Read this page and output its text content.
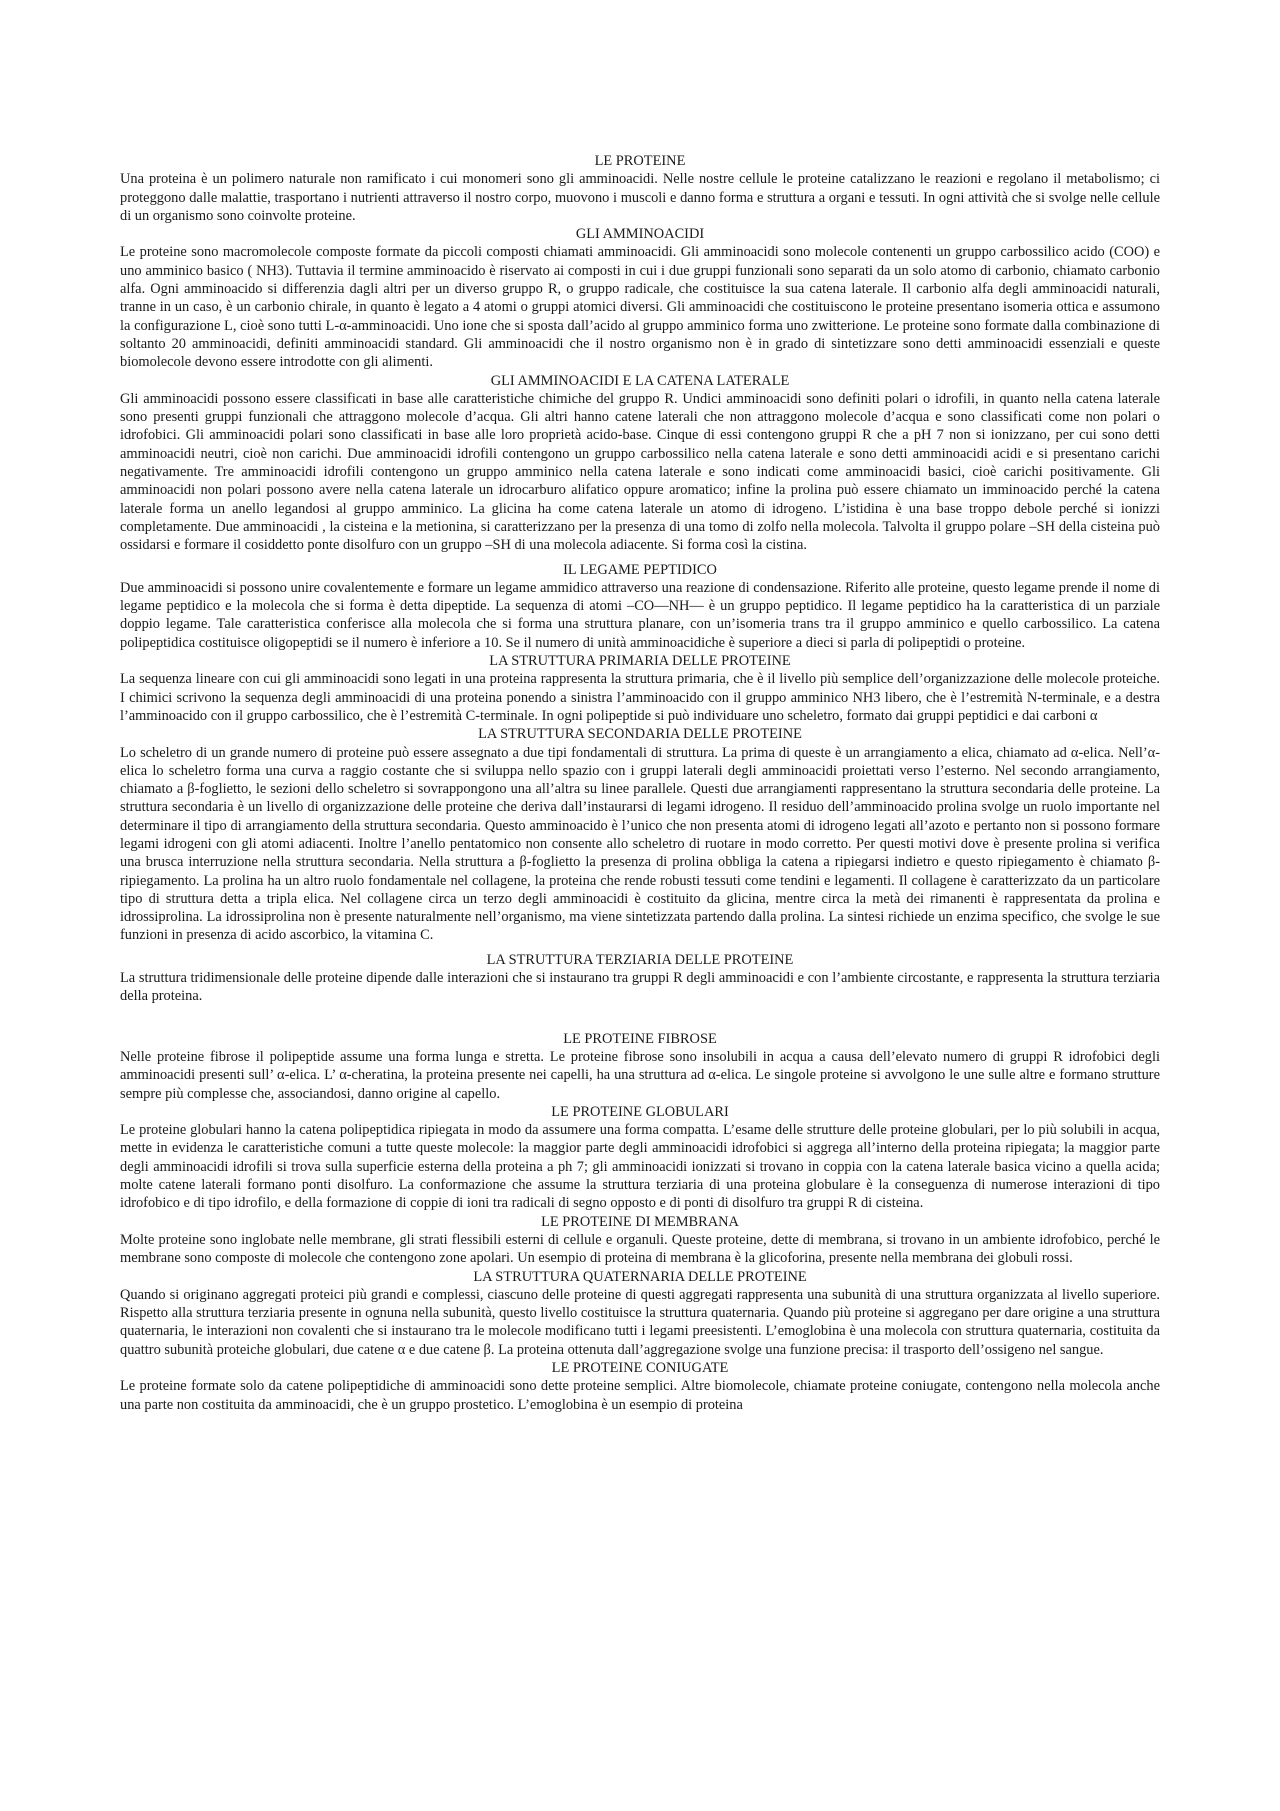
LE PROTEINE

Una proteina è un polimero naturale non ramificato i cui monomeri sono gli amminoacidi. Nelle nostre cellule le proteine catalizzano le reazioni e regolano il metabolismo; ci proteggono dalle malattie, trasportano i nutrienti attraverso il nostro corpo, muovono i muscoli e danno forma e struttura a organi e tessuti. In ogni attività che si svolge nelle cellule di un organismo sono coinvolte proteine.

GLI AMMINOACIDI

Le proteine sono macromolecole composte formate da piccoli composti chiamati amminoacidi. Gli amminoacidi sono molecole contenenti un gruppo carbossilico acido (COO) e uno amminico basico ( NH3). Tuttavia il termine amminoacido è riservato ai composti in cui i due gruppi funzionali sono separati da un solo atomo di carbonio, chiamato carbonio alfa. Ogni amminoacido si differenzia dagli altri per un diverso gruppo R, o gruppo radicale, che costituisce la sua catena laterale. Il carbonio alfa degli amminoacidi naturali, tranne in un caso, è un carbonio chirale, in quanto è legato a 4 atomi o gruppi atomici diversi. Gli amminoacidi che costituiscono le proteine presentano isomeria ottica e assumono la configurazione L, cioè sono tutti L-α-amminoacidi. Uno ione che si sposta dall’acido al gruppo amminico forma uno zwitterione. Le proteine sono formate dalla combinazione di soltanto 20 amminoacidi, definiti amminoacidi standard. Gli amminoacidi che il nostro organismo non è in grado di sintetizzare sono detti amminoacidi essenziali e queste biomolecole devono essere introdotte con gli alimenti.

GLI AMMINOACIDI E LA CATENA LATERALE

Gli amminoacidi possono essere classificati in base alle caratteristiche chimiche del gruppo R. Undici amminoacidi sono definiti polari o idrofili, in quanto nella catena laterale sono presenti gruppi funzionali che attraggono molecole d’acqua. Gli altri hanno catene laterali che non attraggono molecole d’acqua e sono classificati come non polari o idrofobici. Gli amminoacidi polari sono classificati in base alle loro proprietà acido-base. Cinque di essi contengono gruppi R che a pH 7 non si ionizzano, per cui sono detti amminoacidi neutri, cioè non carichi. Due amminoacidi idrofili contengono un gruppo carbossilico nella catena laterale e sono detti amminoacidi acidi e si presentano carichi negativamente. Tre amminoacidi idrofili contengono un gruppo amminico nella catena laterale e sono indicati come amminoacidi basici, cioè carichi positivamente. Gli amminoacidi non polari possono avere nella catena laterale un idrocarburo alifatico oppure aromatico; infine la prolina può essere chiamato un imminoacido perché la catena laterale forma un anello legandosi al gruppo amminico. La glicina ha come catena laterale un atomo di idrogeno. L’istidina è una base troppo debole perché si ionizzi completamente. Due amminoacidi , la cisteina e la metionina, si caratterizzano per la presenza di una tomo di zolfo nella molecola. Talvolta il gruppo polare –SH della cisteina può ossidarsi e formare il cosiddetto ponte disolfuro con un gruppo –SH di una molecola adiacente. Si forma così la cistina.

IL LEGAME PEPTIDICO

Due amminoacidi si possono unire covalentemente e formare un legame ammidico attraverso una reazione di condensazione. Riferito alle proteine, questo legame prende il nome di legame peptidico e la molecola che si forma è detta dipeptide. La sequenza di atomi –CO—NH— è un gruppo peptidico. Il legame peptidico ha la caratteristica di un parziale doppio legame. Tale caratteristica conferisce alla molecola che si forma una struttura planare, con un’isomeria trans tra il gruppo amminico e quello carbossilico. La catena polipeptidica costituisce oligopeptidi se il numero è inferiore a 10. Se il numero di unità amminoacidiche è superiore a dieci si parla di polipeptidi o proteine.

LA STRUTTURA PRIMARIA DELLE PROTEINE

La sequenza lineare con cui gli amminoacidi sono legati in una proteina rappresenta la struttura primaria, che è il livello più semplice dell’organizzazione delle molecole proteiche. I chimici scrivono la sequenza degli amminoacidi di una proteina ponendo a sinistra l’amminoacido con il gruppo amminico NH3 libero, che è l’estremità N-terminale, e a destra l’amminoacido con il gruppo carbossilico, che è l’estremità C-terminale. In ogni polipeptide si può individuare uno scheletro, formato dai gruppi peptidici e dai carboni α

LA STRUTTURA SECONDARIA DELLE PROTEINE

Lo scheletro di un grande numero di proteine può essere assegnato a due tipi fondamentali di struttura. La prima di queste è un arrangiamento a elica, chiamato ad α-elica. Nell’α-elica lo scheletro forma una curva a raggio costante che si sviluppa nello spazio con i gruppi laterali degli amminoacidi proiettati verso l’esterno. Nel secondo arrangiamento, chiamato a β-foglietto, le sezioni dello scheletro si sovrappongono una all’altra su linee parallele. Questi due arrangiamenti rappresentano la struttura secondaria delle proteine. La struttura secondaria è un livello di organizzazione delle proteine che deriva dall’instaurarsi di legami idrogeno. Il residuo dell’amminoacido prolina svolge un ruolo importante nel determinare il tipo di arrangiamento della struttura secondaria. Questo amminoacido è l’unico che non presenta atomi di idrogeno legati all’azoto e pertanto non si possono formare legami idrogeni con gli atomi adiacenti. Inoltre l’anello pentatomico non consente allo scheletro di ruotare in modo corretto. Per questi motivi dove è presente prolina si verifica una brusca interruzione nella struttura secondaria. Nella struttura a β-foglietto la presenza di prolina obbliga la catena a ripiegarsi indietro e questo ripiegamento è chiamato β-ripiegamento. La prolina ha un altro ruolo fondamentale nel collagene, la proteina che rende robusti tessuti come tendini e legamenti. Il collagene è caratterizzato da un particolare tipo di struttura detta a tripla elica. Nel collagene circa un terzo degli amminoacidi è costituito da glicina, mentre circa la metà dei rimanenti è rappresentata da prolina e idrossiprolina. La idrossiprolina non è presente naturalmente nell’organismo, ma viene sintetizzata partendo dalla prolina. La sintesi richiede un enzima specifico, che svolge le sue funzioni in presenza di acido ascorbico, la vitamina C.

LA STRUTTURA TERZIARIA DELLE PROTEINE

La struttura tridimensionale delle proteine dipende dalle interazioni che si instaurano tra gruppi R degli amminoacidi e con l’ambiente circostante, e rappresenta la struttura terziaria della proteina.

LE PROTEINE FIBROSE

Nelle proteine fibrose il polipeptide assume una forma lunga e stretta. Le proteine fibrose sono insolubili in acqua a causa dell’elevato numero di gruppi R idrofobici degli amminoacidi presenti sull’ α-elica. L’ α-cheratina, la proteina presente nei capelli, ha una struttura ad α-elica. Le singole proteine si avvolgono le une sulle altre e formano strutture sempre più complesse che, associandosi, danno origine al capello.

LE PROTEINE GLOBULARI

Le proteine globulari hanno la catena polipeptidica ripiegata in modo da assumere una forma compatta. L’esame delle strutture delle proteine globulari, per lo più solubili in acqua, mette in evidenza le caratteristiche comuni a tutte queste molecole: la maggior parte degli amminoacidi idrofobici si aggrega all’interno della proteina ripiegata; la maggior parte degli amminoacidi idrofili si trova sulla superficie esterna della proteina a ph 7; gli amminoacidi ionizzati si trovano in coppia con la catena laterale basica vicino a quella acida; molte catene laterali formano ponti disolfuro. La conformazione che assume la struttura terziaria di una proteina globulare è la conseguenza di numerose interazioni di tipo idrofobico e di tipo idrofilo, e della formazione di coppie di ioni tra radicali di segno opposto e di ponti di disolfuro tra gruppi R di cisteina.

LE PROTEINE DI MEMBRANA

Molte proteine sono inglobate nelle membrane, gli strati flessibili esterni di cellule e organuli. Queste proteine, dette di membrana, si trovano in un ambiente idrofobico, perché le membrane sono composte di molecole che contengono zone apolari. Un esempio di proteina di membrana è la glicoforina, presente nella membrana dei globuli rossi.

LA STRUTTURA QUATERNARIA DELLE PROTEINE

Quando si originano aggregati proteici più grandi e complessi, ciascuno delle proteine di questi aggregati rappresenta una subunità di una struttura organizzata al livello superiore. Rispetto alla struttura terziaria presente in ognuna nella subunità, questo livello costituisce la struttura quaternaria. Quando più proteine si aggregano per dare origine a una struttura quaternaria, le interazioni non covalenti che si instaurano tra le molecole modificano tutti i legami preesistenti. L’emoglobina è una molecola con struttura quaternaria, costituita da quattro subunità proteiche globulari, due catene α e due catene β. La proteina ottenuta dall’aggregazione svolge una funzione precisa: il trasporto dell’ossigeno nel sangue.

LE PROTEINE CONIUGATE

Le proteine formate solo da catene polipeptidiche di amminoacidi sono dette proteine semplici. Altre biomolecole, chiamate proteine coniugate, contengono nella molecola anche una parte non costituita da amminoacidi, che è un gruppo prostetico. L’emoglobina è un esempio di proteina
